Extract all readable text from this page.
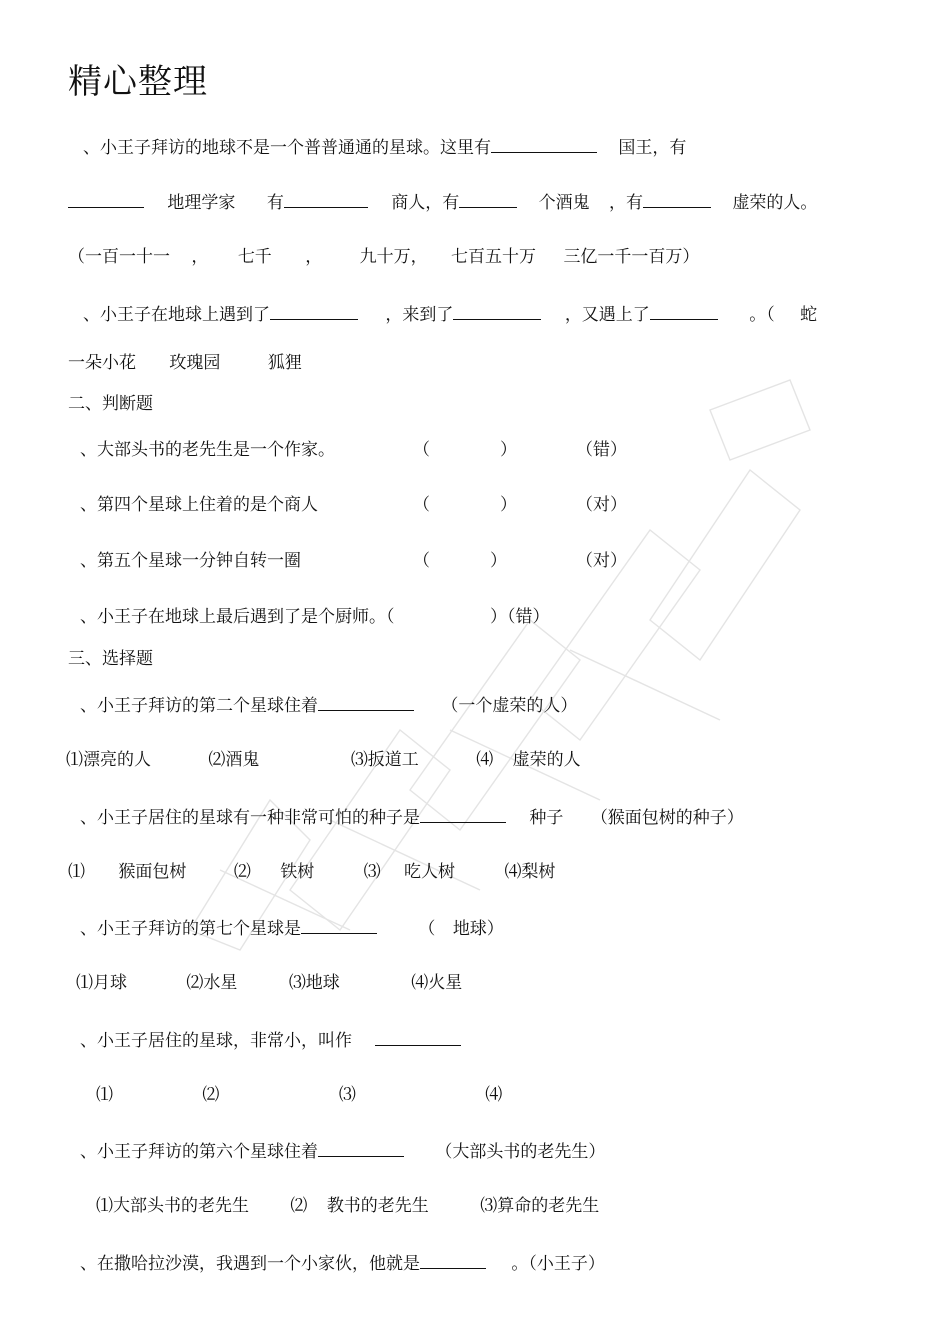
精心整理
、小王子拜访的地球不是一个普普通通的星球。这里有	国王，有
地理学家 有	商人，有	个酒鬼 ，有	虚荣的人。
（一百一十一 ， 七千 ， 九十万， 七百五十万 三亿一千一百万）
、小王子在地球上遇到了	，来到了	，又遇上了	。（ 蛇
一朵小花 玫瑰园	狐狸
二、判断题
、大部头书的老先生是一个作家。	（	）	（错）
、第四个星球上住着的是个商人	（	）	（对）
、第五个星球一分钟自转一圈	（	）	（对）
、小王子在地球上最后遇到了是个厨师。（	）（错）
三、选择题
、小王子拜访的第二个星球住着	（一个虚荣的人）
⑴漂亮的人	⑵酒鬼	⑶扳道工	⑷ 虚荣的人
、小王子居住的星球有一种非常可怕的种子是	种子 （猴面包树的种子）
⑴ 猴面包树	⑵ 铁树	⑶ 吃人树	⑷梨树
、小王子拜访的第七个星球是	（ 地球）
⑴月球	⑵水星	⑶地球	⑷火星
、小王子居住的星球，非常小，叫作
⑴	⑵	⑶	⑷
、小王子拜访的第六个星球住着	（大部头书的老先生）
⑴大部头书的老先生 ⑵ 教书的老先生	⑶算命的老先生
、在撒哈拉沙漠，我遇到一个小家伙，他就是	。（小王子）
